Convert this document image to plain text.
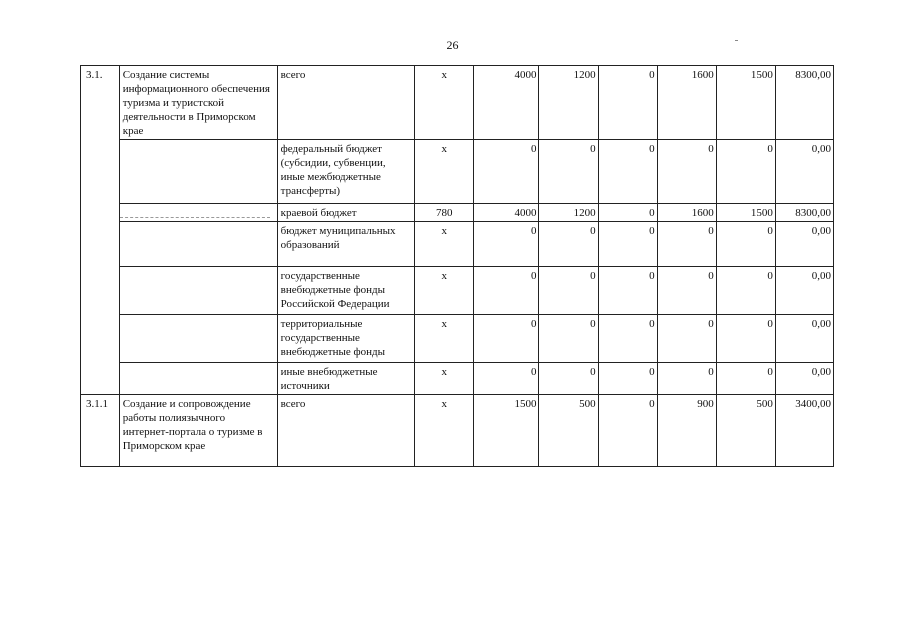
26
3.1.	Создание системы информационного обеспечения туризма и туристской деятельности в Приморском крае	всего	x	4000	1200	0	1600	1500	8300,00
		федеральный бюджет (субсидии, субвенции, иные межбюджетные трансферты)	x	0	0	0	0	0	0,00
		краевой бюджет	780	4000	1200	0	1600	1500	8300,00
		бюджет муниципальных образований	x	0	0	0	0	0	0,00
		государственные внебюджетные фонды Российской Федерации	x	0	0	0	0	0	0,00
		территориальные государственные внебюджетные фонды	x	0	0	0	0	0	0,00
		иные внебюджетные источники	x	0	0	0	0	0	0,00
3.1.1	Создание и сопровождение работы полиязычного интернет-портала о туризме в Приморском крае	всего	x	1500	500	0	900	500	3400,00
